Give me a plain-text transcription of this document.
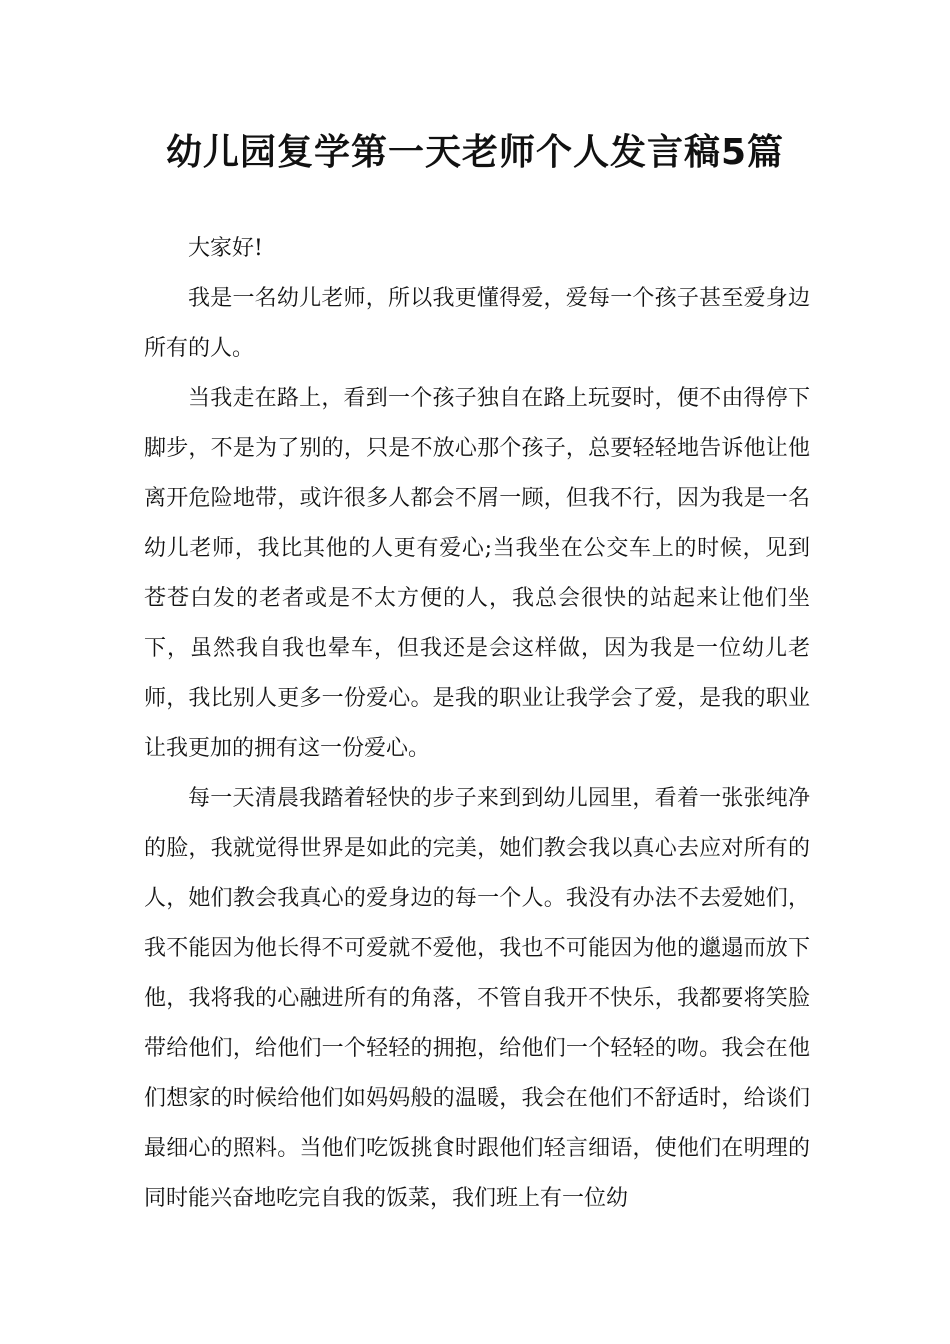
幼儿园复学第一天老师个人发言稿5篇

大家好!

我是一名幼儿老师，所以我更懂得爱，爱每一个孩子甚至爱身边所有的人。

当我走在路上，看到一个孩子独自在路上玩耍时，便不由得停下脚步，不是为了别的，只是不放心那个孩子，总要轻轻地告诉他让他离开危险地带，或许很多人都会不屑一顾，但我不行，因为我是一名幼儿老师，我比其他的人更有爱心;当我坐在公交车上的时候，见到苍苍白发的老者或是不太方便的人，我总会很快的站起来让他们坐下，虽然我自我也晕车，但我还是会这样做，因为我是一位幼儿老师，我比别人更多一份爱心。是我的职业让我学会了爱，是我的职业让我更加的拥有这一份爱心。

每一天清晨我踏着轻快的步子来到到幼儿园里，看着一张张纯净的脸，我就觉得世界是如此的完美，她们教会我以真心去应对所有的人，她们教会我真心的爱身边的每一个人。我没有办法不去爱她们，我不能因为他长得不可爱就不爱他，我也不可能因为他的邋遢而放下他，我将我的心融进所有的角落，不管自我开不快乐，我都要将笑脸带给他们，给他们一个轻轻的拥抱，给他们一个轻轻的吻。我会在他们想家的时候给他们如妈妈般的温暖，我会在他们不舒适时，给谈们最细心的照料。当他们吃饭挑食时跟他们轻言细语，使他们在明理的同时能兴奋地吃完自我的饭菜，我们班上有一位幼
